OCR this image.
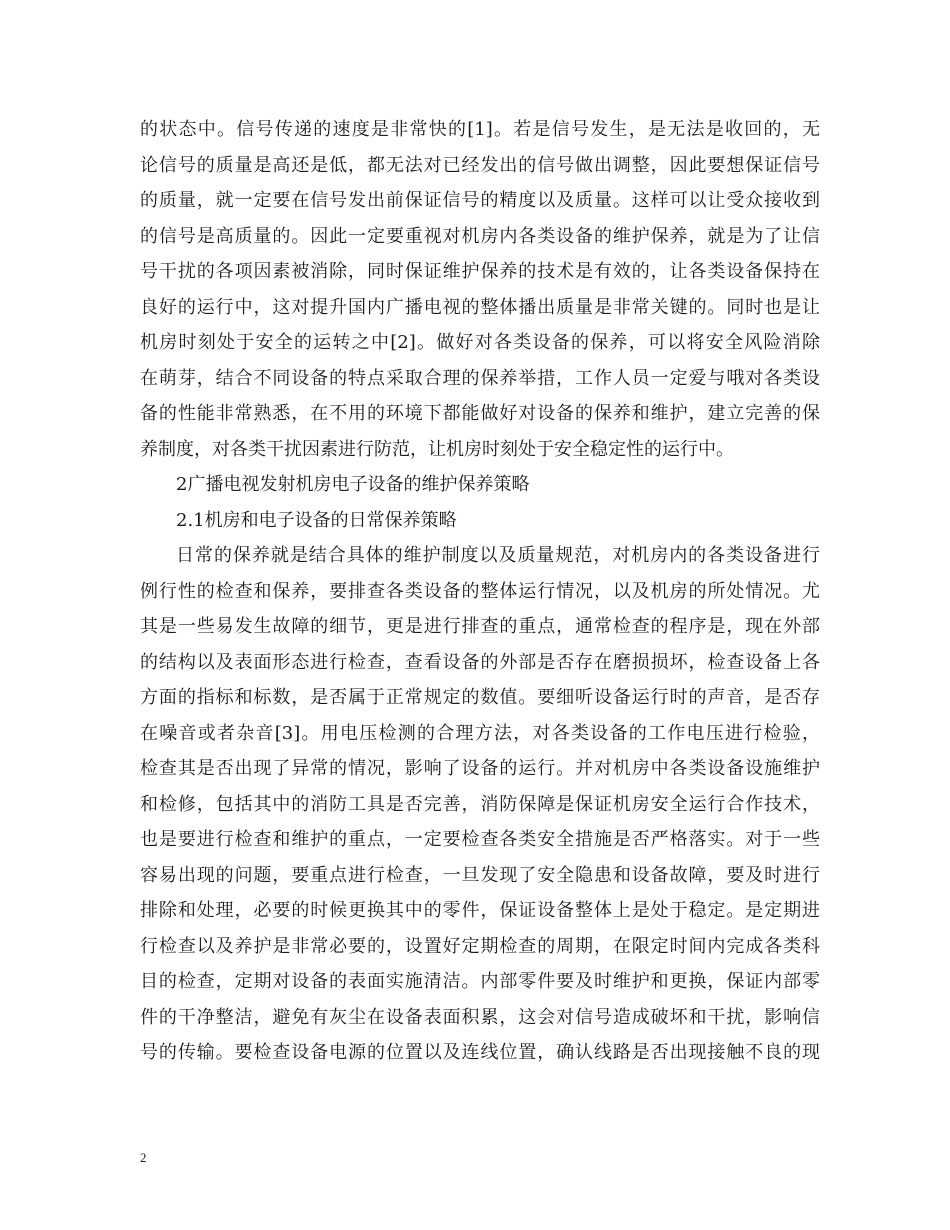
的状态中。信号传递的速度是非常快的[1]。若是信号发生，是无法是收回的，无
论信号的质量是高还是低，都无法对已经发出的信号做出调整，因此要想保证信号
的质量，就一定要在信号发出前保证信号的精度以及质量。这样可以让受众接收到
的信号是高质量的。因此一定要重视对机房内各类设备的维护保养，就是为了让信
号干扰的各项因素被消除，同时保证维护保养的技术是有效的，让各类设备保持在
良好的运行中，这对提升国内广播电视的整体播出质量是非常关键的。同时也是让
机房时刻处于安全的运转之中[2]。做好对各类设备的保养，可以将安全风险消除
在萌芽，结合不同设备的特点采取合理的保养举措，工作人员一定爱与哦对各类设
备的性能非常熟悉，在不用的环境下都能做好对设备的保养和维护，建立完善的保
养制度，对各类干扰因素进行防范，让机房时刻处于安全稳定性的运行中。
2广播电视发射机房电子设备的维护保养策略
2.1机房和电子设备的日常保养策略
日常的保养就是结合具体的维护制度以及质量规范，对机房内的各类设备进行
例行性的检查和保养，要排查各类设备的整体运行情况，以及机房的所处情况。尤
其是一些易发生故障的细节，更是进行排查的重点，通常检查的程序是，现在外部
的结构以及表面形态进行检查，查看设备的外部是否存在磨损损坏，检查设备上各
方面的指标和标数，是否属于正常规定的数值。要细听设备运行时的声音，是否存
在噪音或者杂音[3]。用电压检测的合理方法，对各类设备的工作电压进行检验，
检查其是否出现了异常的情况，影响了设备的运行。并对机房中各类设备设施维护
和检修，包括其中的消防工具是否完善，消防保障是保证机房安全运行合作技术，
也是要进行检查和维护的重点，一定要检查各类安全措施是否严格落实。对于一些
容易出现的问题，要重点进行检查，一旦发现了安全隐患和设备故障，要及时进行
排除和处理，必要的时候更换其中的零件，保证设备整体上是处于稳定。是定期进
行检查以及养护是非常必要的，设置好定期检查的周期，在限定时间内完成各类科
目的检查，定期对设备的表面实施清洁。内部零件要及时维护和更换，保证内部零
件的干净整洁，避免有灰尘在设备表面积累，这会对信号造成破坏和干扰，影响信
号的传输。要检查设备电源的位置以及连线位置，确认线路是否出现接触不良的现
2
